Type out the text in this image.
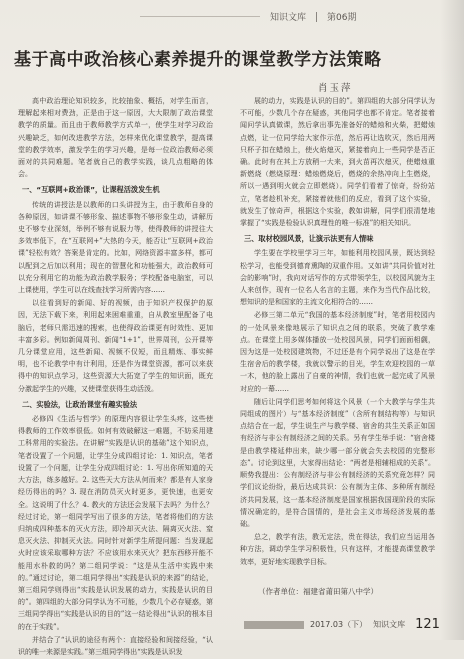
知识文库 第06期
基于高中政治核心素养提升的课堂教学方法策略
肖玉萍

高中政治理论知识较多，比较抽象、概括，对学生而言，理解起来相对费劲，正是由于这一原因，大大限制了政治课堂教学的质量。而且由于教师教学方式单一，使学生对学习政治兴趣缺乏，如何改进教学方法，怎样来优化课堂教学，提高课堂的教学效率，激发学生的学习兴趣，是每一位政治教师必须面对的共同难题。笔者就自己的教学实践，谈几点粗略的体会。

一、“互联网+政治课”，让课程活泼发生机

传统的讲授法是以教师的口头讲授为主，由于教师自身的各种原因，如讲课不够形象、描述事物不够形象生动，讲解历史不够专业深刻，举例不够有说服力等，使得教师的讲授往大多效率低下，在“互联网+”大热的今天，能否让“互联网+政治课”轻松有效？答案是肯定的。比如，网络资源丰富多样，都可以配到之后加以利用；现在的智慧化和功能强大，政治教师可以充分利用它的功能为政治教学服务；学校配备电脑室，可以上课使用，学生可以在线查找学习所需内容……

以往看到好的新闻、好的视频，由于知识产权保护的原因，无法下载下来，利用起来困难重重，自从教室里配备了电脑后，老师只需迅速的搜索，也使得政治课更有时效性、更加丰富多彩。例如新闻周刊、新闻“1+1”，世界周刊，公开课等几分课堂应用，这些新闻、视频不仅短，而且精炼、事实鲜明，也不论教学中有计利用，还是作为课堂资源，都可以来获得中的知识点学习，这些资源大大拓宽了学生的知识面，既充分激起学生的兴趣，又使课堂获得生动活泼。

二、实验法，让政治课堂有趣实验法

必修四《生活与哲学》的原理内容很让学生头疼，这些使得教师的工作效率很低。如何有效破解这一难题，不妨采用建工科常用的实验法。在讲解“实践是认识的基础”这个知识点，笔者设置了一个问题，让学生分成四组讨论：1. 知识点，笔者设置了一个问题，让学生分成四组讨论：1. 写出你所知道的天大方法，练多越好。2. 这些天大方法从何而来？都是有人家身经历得出的吗？3. 现在消防员灭火时更多，更快速，也更安全。这说明了什么？4. 教火的方法还会发展下去吗？为什么？经过讨论，第一组同学写出了很多的方法，笔者将他们的方法归纳成四种基本的灭火方法，即冷却灭火法、隔离灭火法、窒息灭火法、抑制灭火法。同时针对新学生所提问题：当发现起火时应该采取哪种方法？不应该用水来灭火？把东西移开能不能用水朴救的吗？第二组同学说：“这是从生活中实践中来的。”通过讨论，第二组同学得出“实践是认识的来源”的结论，第三组同学则得出“实践是认识发展的动力，实践是认识的目的”。第四组的大部分同学认为不可能，少数几个必存疑惑，第三组同学得出“实践是认识的目的”这一结论得出“认识的根本目的在于实践”。

并结合了“认识的途径有两个：直接经验和间接经验，“认识的唯一来源是实践。”第三组同学得出“实践是认识发

展的动力，实践是认识的目的”。第四组的大部分同学认为不可能，少数几个存在疑惑，其他同学也都不肯定。笔者接着闻问学认真做课，然后拿出事先准备好的蜡烛和火柴，把蜡烛点燃，让一位同学给大家作示范，然后再让选吹灭，然后用两只杯子扣在蜡烛上，使火焰熄灭，紧接着向上一些同学是否正确。此时有在其上方放稍一大来，到火苗再次熄灭，使蜡烛重新燃烧（燃烧原理：蜡烛燃烧后，燃烧的余热冲向上生燃烧，所以一遇到明火就会立即燃烧）。同学们看着了惊奇，纷纷站立，笔者趁机补充，紧接着就他们的反应，看到了这个实验，就发生了惊奇声，根据这个实验，教如讲解，同学们很清楚地掌握了“实践是检验认识真理性的唯一标准”的相关知识。

三、取材校园风景，让演示法更有人情味

学生要在学校里学习三年，如能利用校园风景，既达到轻松学习，也能受到德育熏陶的双重作用。又如讲“共同价值对社会的影响”时，我向对话写作的方式带领学生，以校园风貌为主人来创作，现有一位名人名言的主题，来作为当代作品比较，想知识的是和国家的主流文化相符合的……

必修三第二单元“我国的基本经济制度”时，笔者用校园内的一处风景来像地展示了知识点之间的联系，突破了教学难点。在课堂上用多媒体播放一处校园风景，同学们面面相觑，因为这是一处校园建筑物，不过还是有个同学说出了这是在学生宿舍后的教学楼，我就以警示的目光，学生欢迎校园的一草一木，他的脸上露出了自豪的神情，我们也就一起完成了风景对应的一幕……

随后让同学们思考如何将这个风景（一个大教学与学生共同组成的图片）与“基本经济制度”（含所有制结构等）与知识点结合在一起，学生说生产与教学楼、宿舍的共生关系正如国有经济与非公有制经济之间的关系。另有学生举手说：“宿舍楼是由教学楼延伸出来，缺少哪一部分就会失去校园的完整形态”。讨论到这里，大家得出结论：“两者是相辅相成的关系”。顺势我提出：公有制经济与非公有制经济的关系究竟怎样？同学们议论纷纷，最后达成共识：公有制为主体、多种所有制经济共同发展，这一基本经济制度是国家根据我国现阶段的实际情况确定的，是符合国情的，是社会主义市场经济发展的基础。

总之，教学有法，教无定法，贵在得法，我们应当运用各种方法，调动学生学习积极性，只有这样，才能提高课堂教学效率，更好地实现教学目标。

（作者单位：福建省莆田第八中学）
2017.03（下） 知识文库 121
